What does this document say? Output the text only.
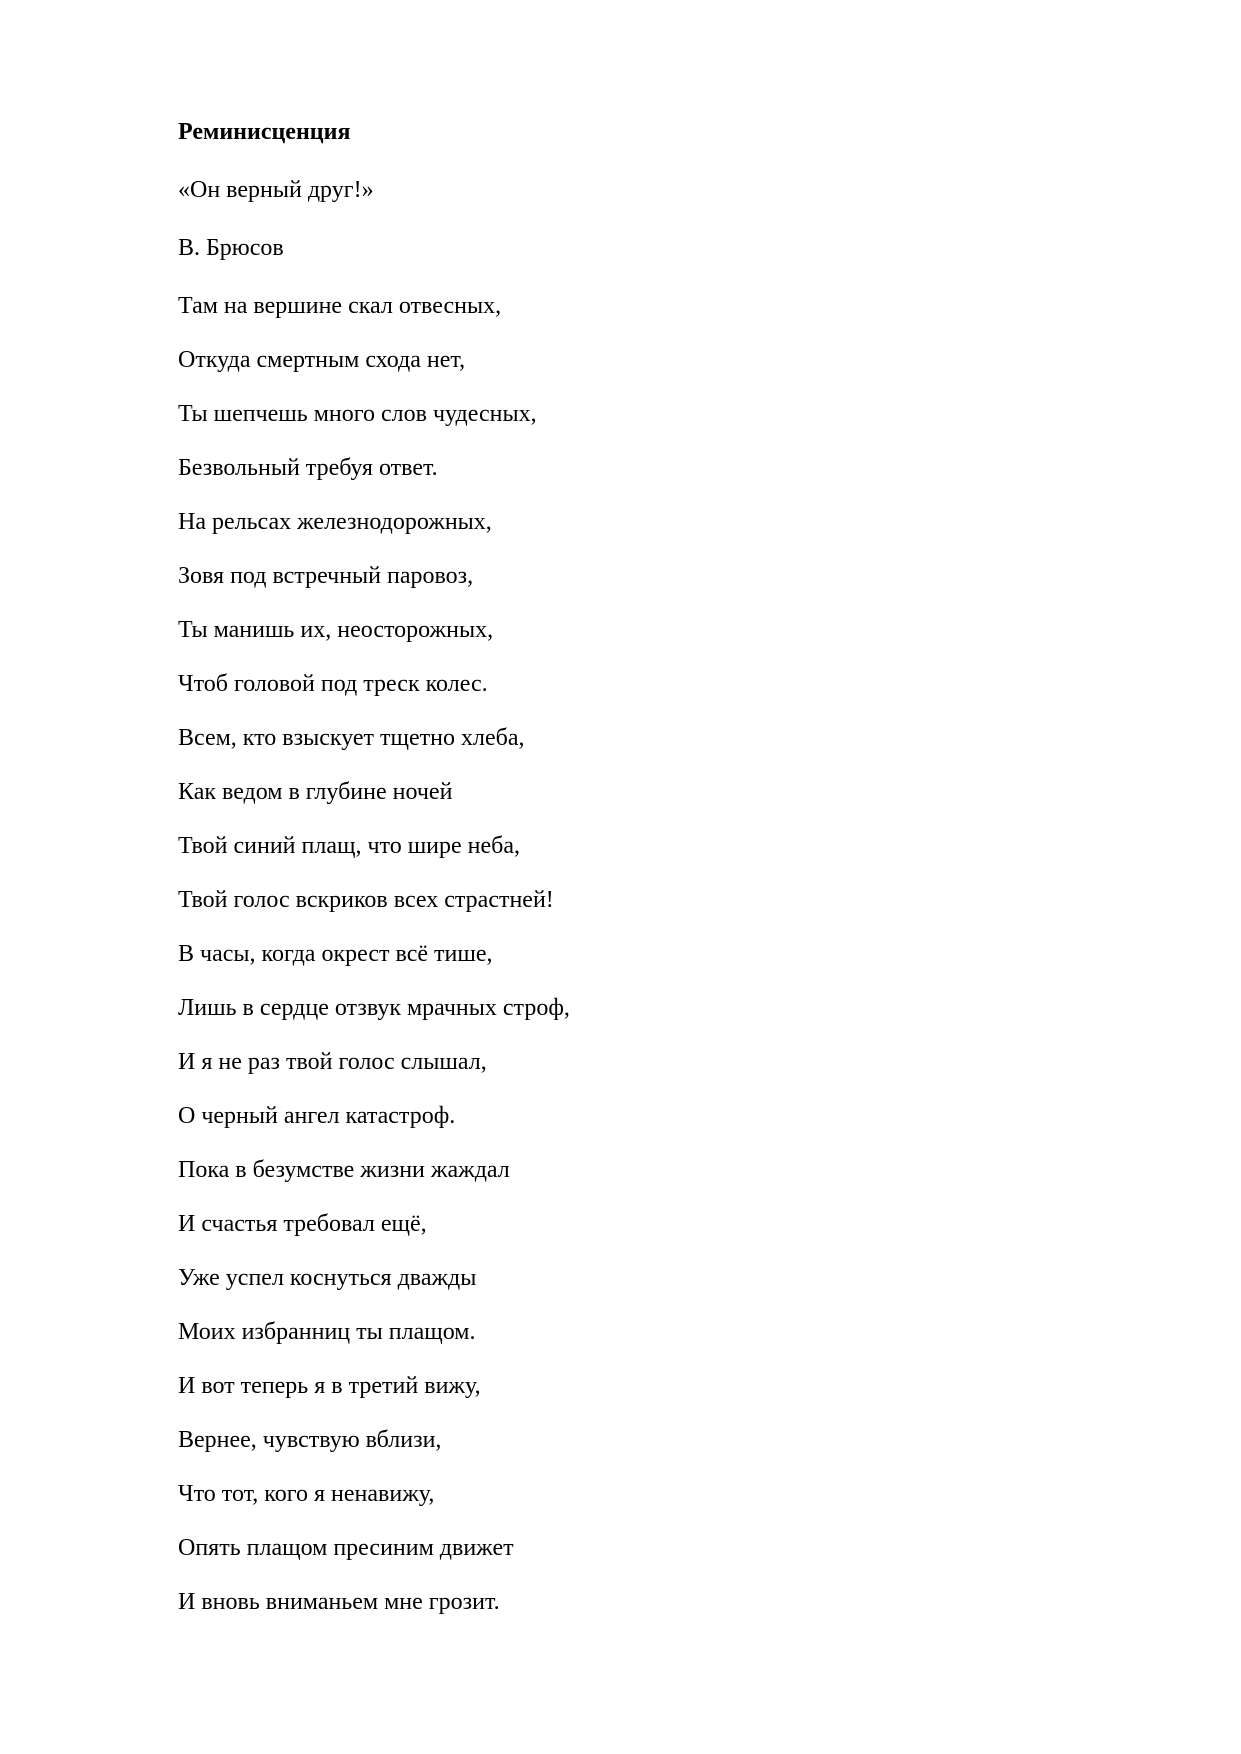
Реминисценция

«Он верный друг!»

В. Брюсов

Там на вершине скал отвесных,
Откуда смертным схода нет,
Ты шепчешь много слов чудесных,
Безвольный требуя ответ.
На рельсах железнодорожных,
Зовя под встречный паровоз,
Ты манишь их, неосторожных,
Чтоб головой под треск колес.
Всем, кто взыскует тщетно хлеба,
Как ведом в глубине ночей
Твой синий плащ, что шире неба,
Твой голос вскриков всех страстней!
В часы, когда окрест всё тише,
Лишь в сердце отзвук мрачных строф,
И я не раз твой голос слышал,
О черный ангел катастроф.
Пока в безумстве жизни жаждал
И счастья требовал ещё,
Уже успел коснуться дважды
Моих избранниц ты плащом.
И вот теперь я в третий вижу,
Вернее, чувствую вблизи,
Что тот, кого я ненавижу,
Опять плащом пресиним движет
И вновь вниманьем мне грозит.
